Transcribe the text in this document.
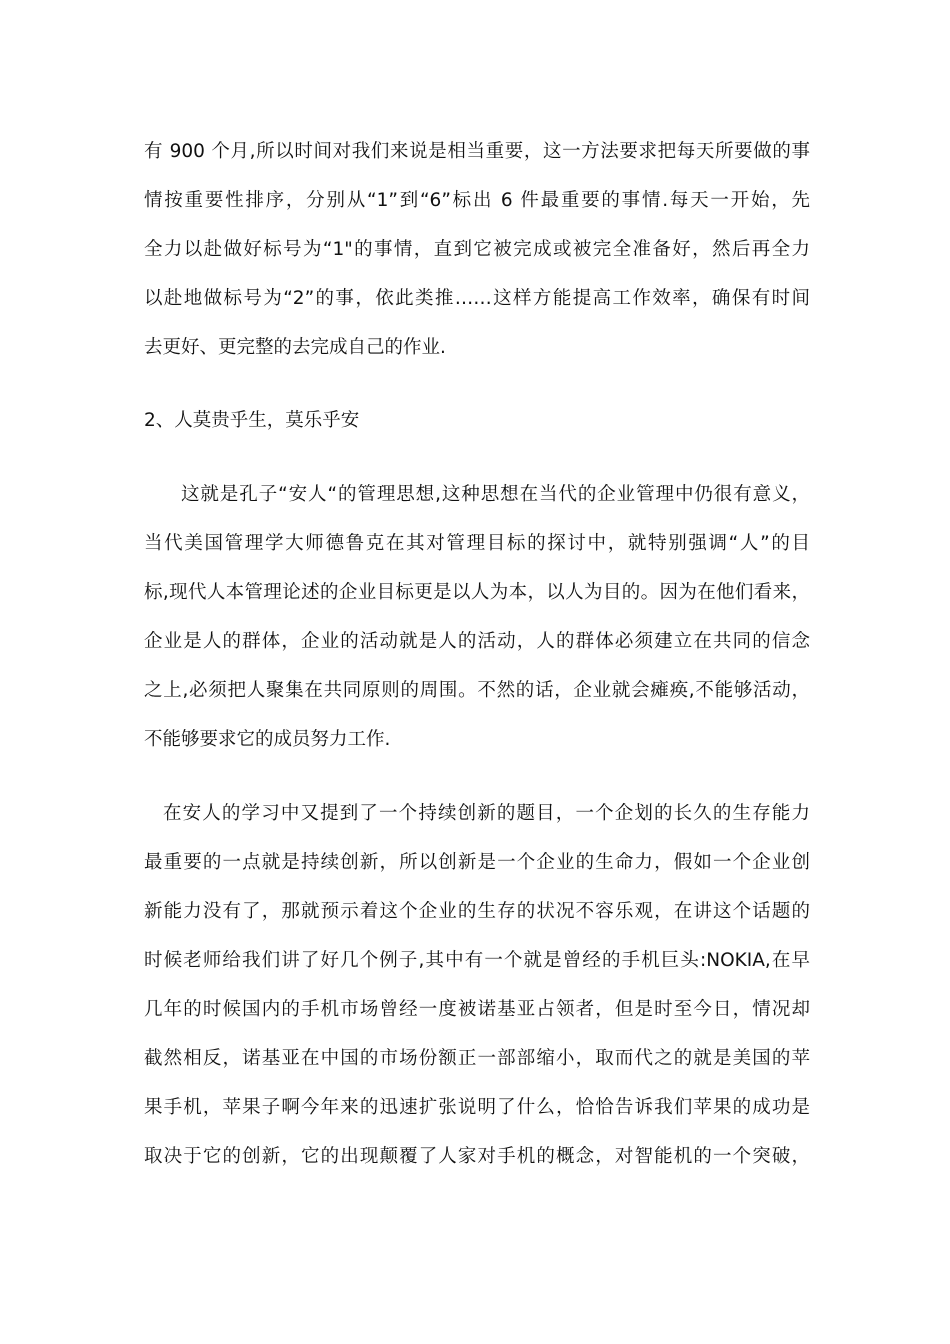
有 900 个月,所以时间对我们来说是相当重要，这一方法要求把每天所要做的事
情按重要性排序，分别从“1”到“6”标出 6 件最重要的事情.每天一开始，先
全力以赴做好标号为“1"的事情，直到它被完成或被完全准备好，然后再全力
以赴地做标号为“2”的事，依此类推……这样方能提高工作效率，确保有时间
去更好、更完整的去完成自己的作业.
2、人莫贵乎生，莫乐乎安
这就是孔子“安人“的管理思想,这种思想在当代的企业管理中仍很有意义，
当代美国管理学大师德鲁克在其对管理目标的探讨中，就特别强调“人”的目
标,现代人本管理论述的企业目标更是以人为本，以人为目的。因为在他们看来，
企业是人的群体，企业的活动就是人的活动，人的群体必须建立在共同的信念
之上,必须把人聚集在共同原则的周围。不然的话，企业就会瘫痪,不能够活动，
不能够要求它的成员努力工作.
在安人的学习中又提到了一个持续创新的题目，一个企划的长久的生存能力
最重要的一点就是持续创新，所以创新是一个企业的生命力，假如一个企业创
新能力没有了，那就预示着这个企业的生存的状况不容乐观，在讲这个话题的
时候老师给我们讲了好几个例子,其中有一个就是曾经的手机巨头:NOKIA,在早
几年的时候国内的手机市场曾经一度被诺基亚占领者，但是时至今日，情况却
截然相反，诺基亚在中国的市场份额正一部部缩小，取而代之的就是美国的苹
果手机，苹果子啊今年来的迅速扩张说明了什么，恰恰告诉我们苹果的成功是
取决于它的创新，它的出现颠覆了人家对手机的概念，对智能机的一个突破，
